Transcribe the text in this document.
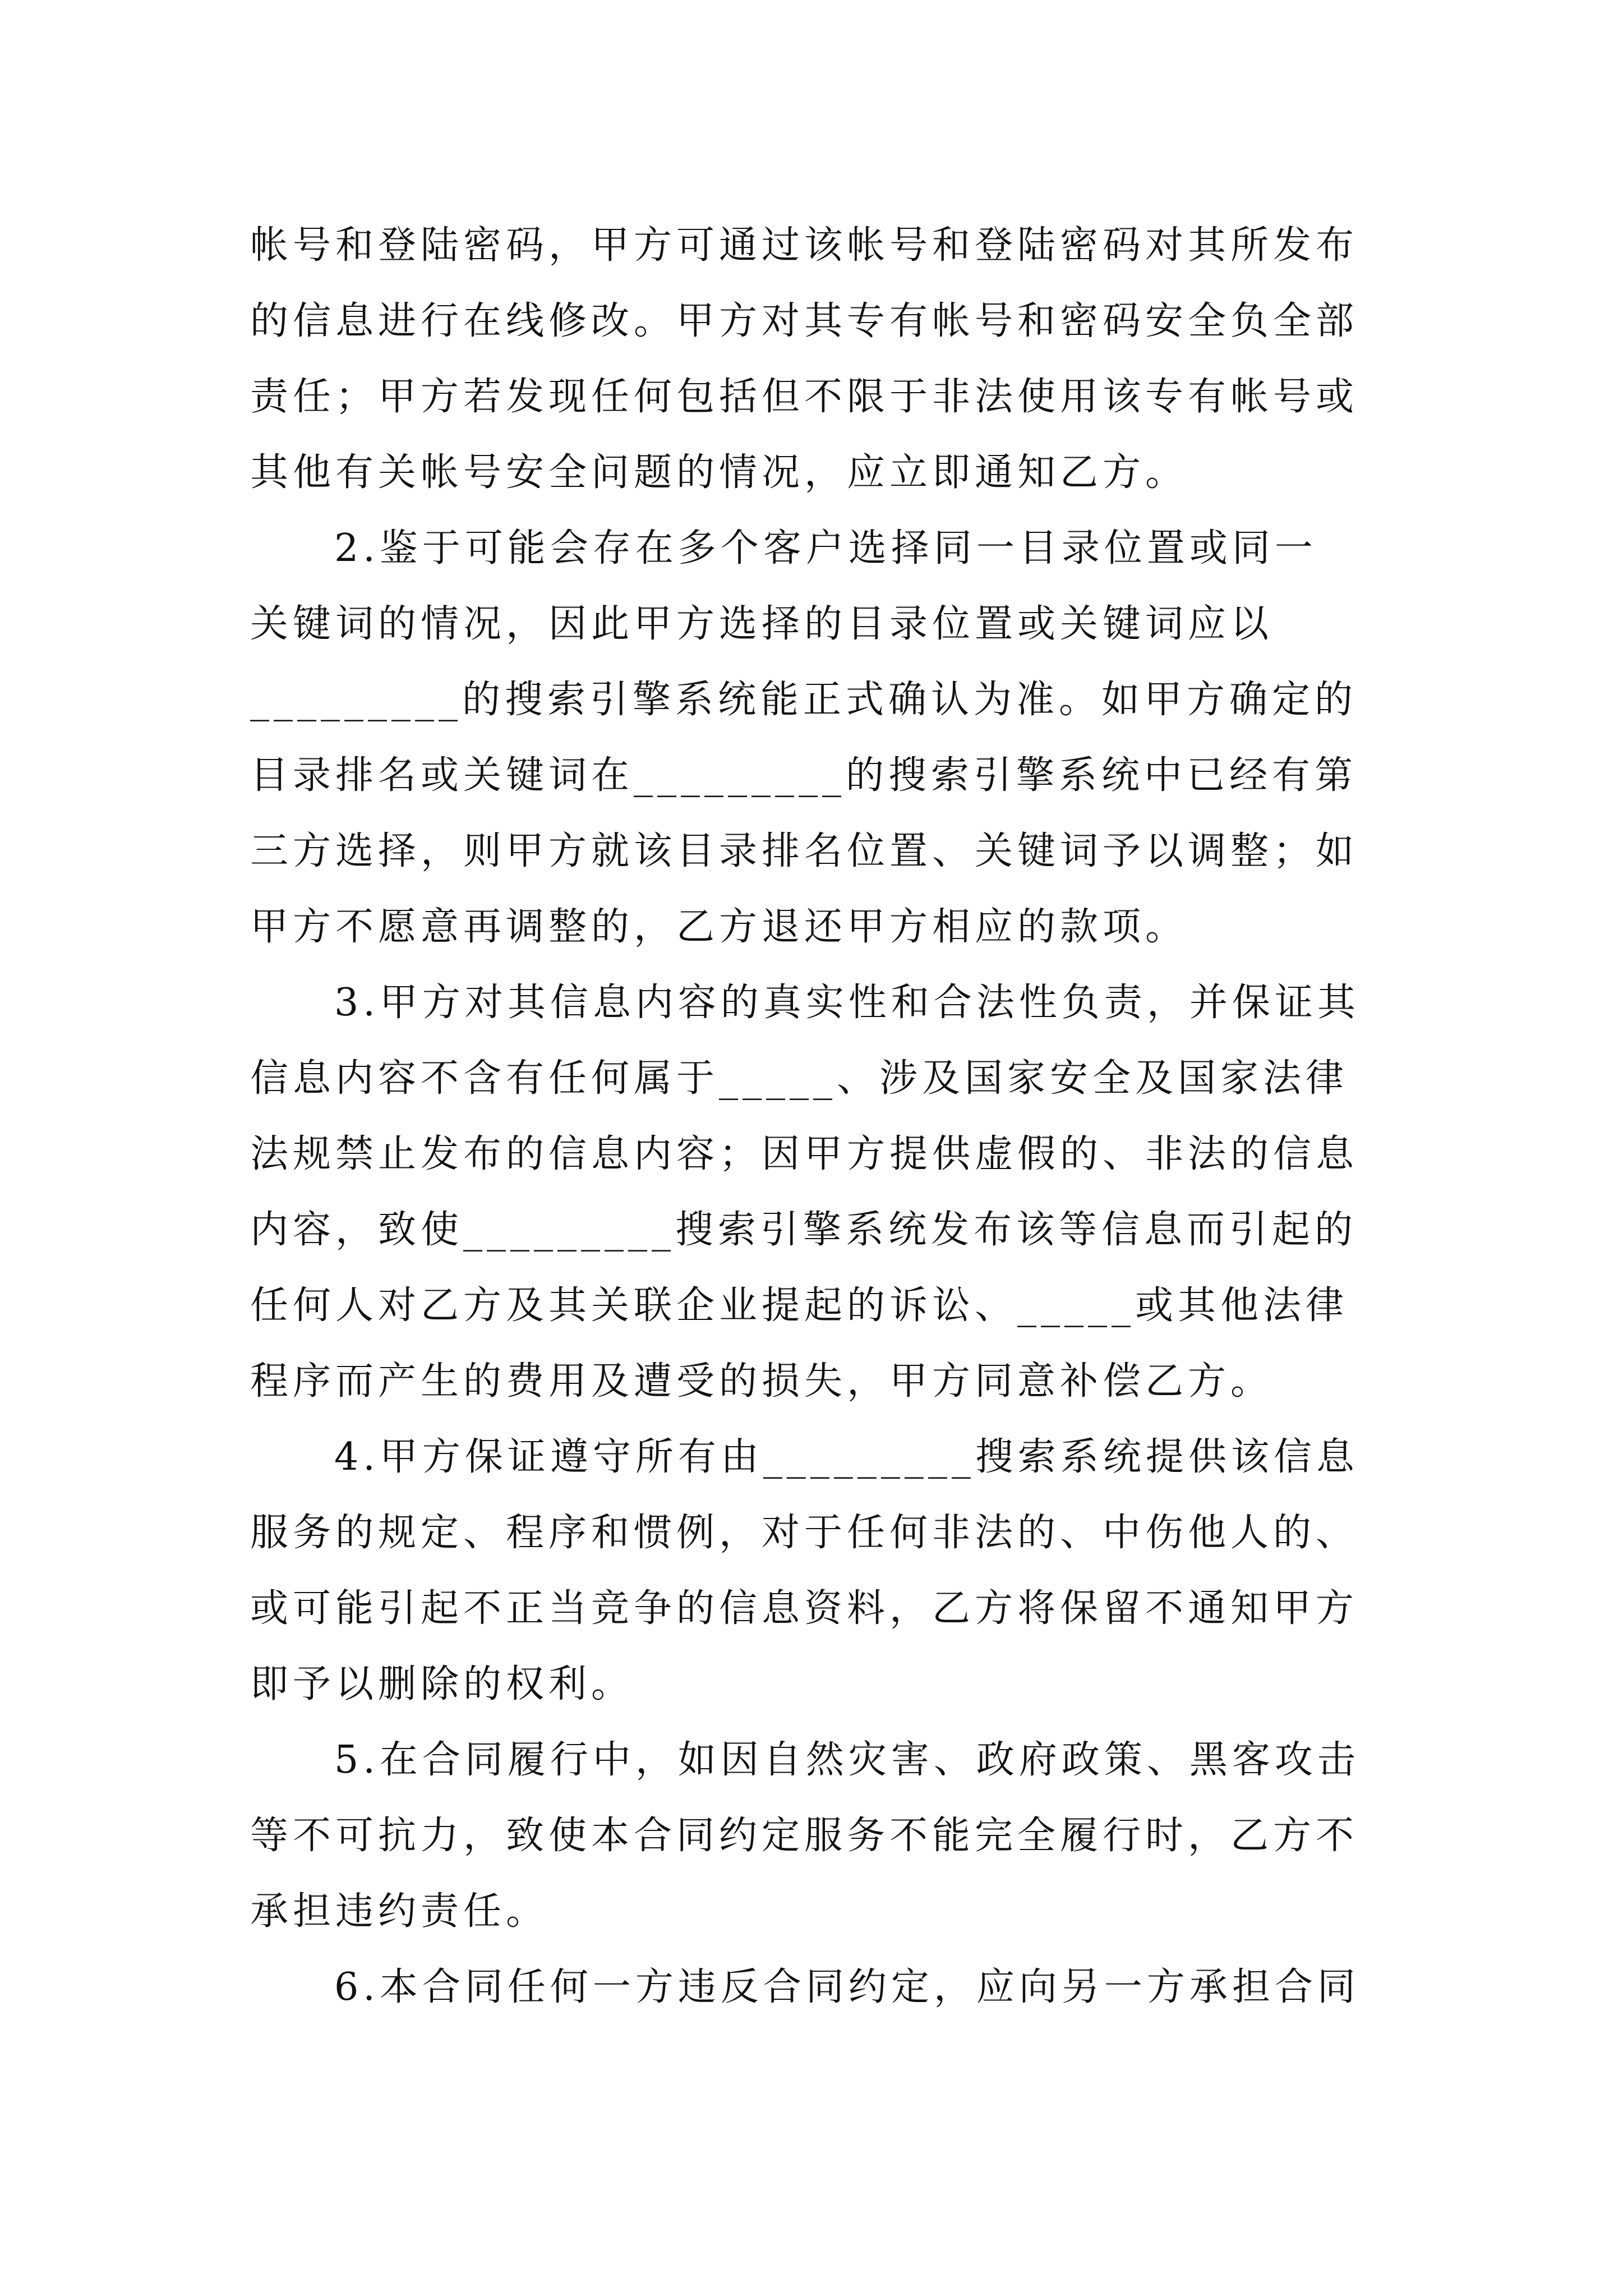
帐号和登陆密码，甲方可通过该帐号和登陆密码对其所发布
的信息进行在线修改。甲方对其专有帐号和密码安全负全部
责任；甲方若发现任何包括但不限于非法使用该专有帐号或
其他有关帐号安全问题的情况，应立即通知乙方。
2.鉴于可能会存在多个客户选择同一目录位置或同一
关键词的情况，因此甲方选择的目录位置或关键词应以
_________的搜索引擎系统能正式确认为准。如甲方确定的
目录排名或关键词在_________的搜索引擎系统中已经有第
三方选择，则甲方就该目录排名位置、关键词予以调整；如
甲方不愿意再调整的，乙方退还甲方相应的款项。
3.甲方对其信息内容的真实性和合法性负责，并保证其
信息内容不含有任何属于_____、涉及国家安全及国家法律
法规禁止发布的信息内容；因甲方提供虚假的、非法的信息
内容，致使_________搜索引擎系统发布该等信息而引起的
任何人对乙方及其关联企业提起的诉讼、_____或其他法律
程序而产生的费用及遭受的损失，甲方同意补偿乙方。
4.甲方保证遵守所有由_________搜索系统提供该信息
服务的规定、程序和惯例，对于任何非法的、中伤他人的、
或可能引起不正当竞争的信息资料，乙方将保留不通知甲方
即予以删除的权利。
5.在合同履行中，如因自然灾害、政府政策、黑客攻击
等不可抗力，致使本合同约定服务不能完全履行时，乙方不
承担违约责任。
6.本合同任何一方违反合同约定，应向另一方承担合同
